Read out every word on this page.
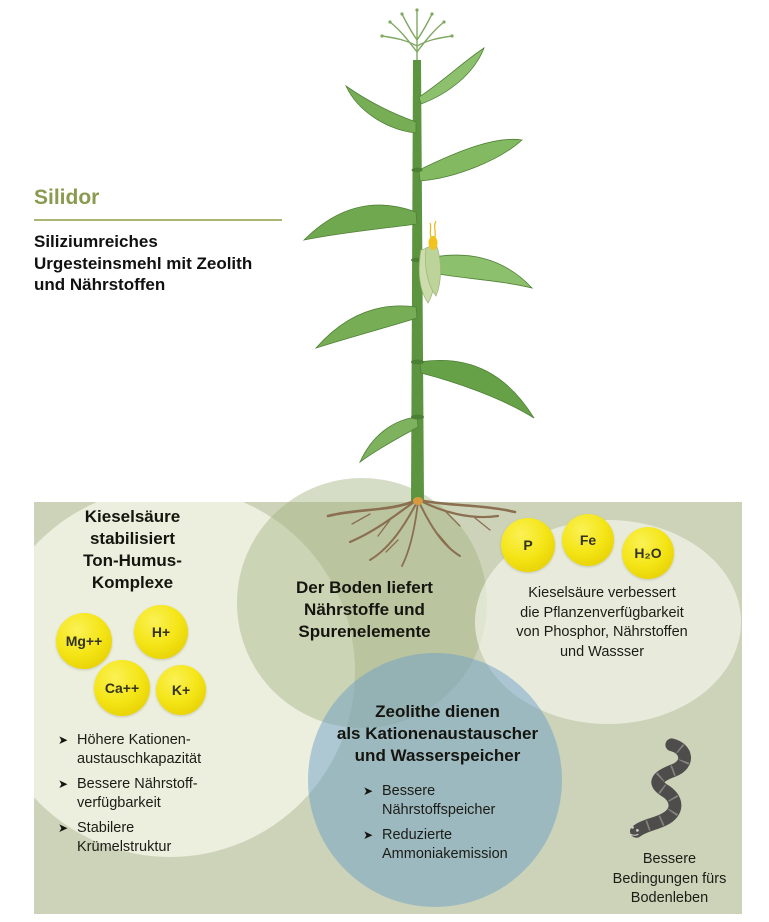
Silidor
Siliziumreiches
Urgesteinsmehl mit Zeolith
und Nährstoffen
Kieselsäure
stabilisiert
Ton-Humus-
Komplexe
Mg++
H+
Ca++ K+
➤ Höhere Kationen-
austauschkapazität
➤ Bessere Nährstoff-
verfügbarkeit
➤ Stabilere
Krümelstruktur
Der Boden liefert
Nährstoffe und
Spurenelemente
P	Fe
H₂O
Kieselsäure verbessert
die Pflanzenverfügbarkeit
von Phosphor, Nährstoffen
und Wassser
Zeolithe dienen
als Kationenaustauscher
und Wasserspeicher
➤ Bessere
Nährstoffspeicher
➤ Reduzierte
Ammoniakemission	Bessere
Bedingungen fürs
Bodenleben
